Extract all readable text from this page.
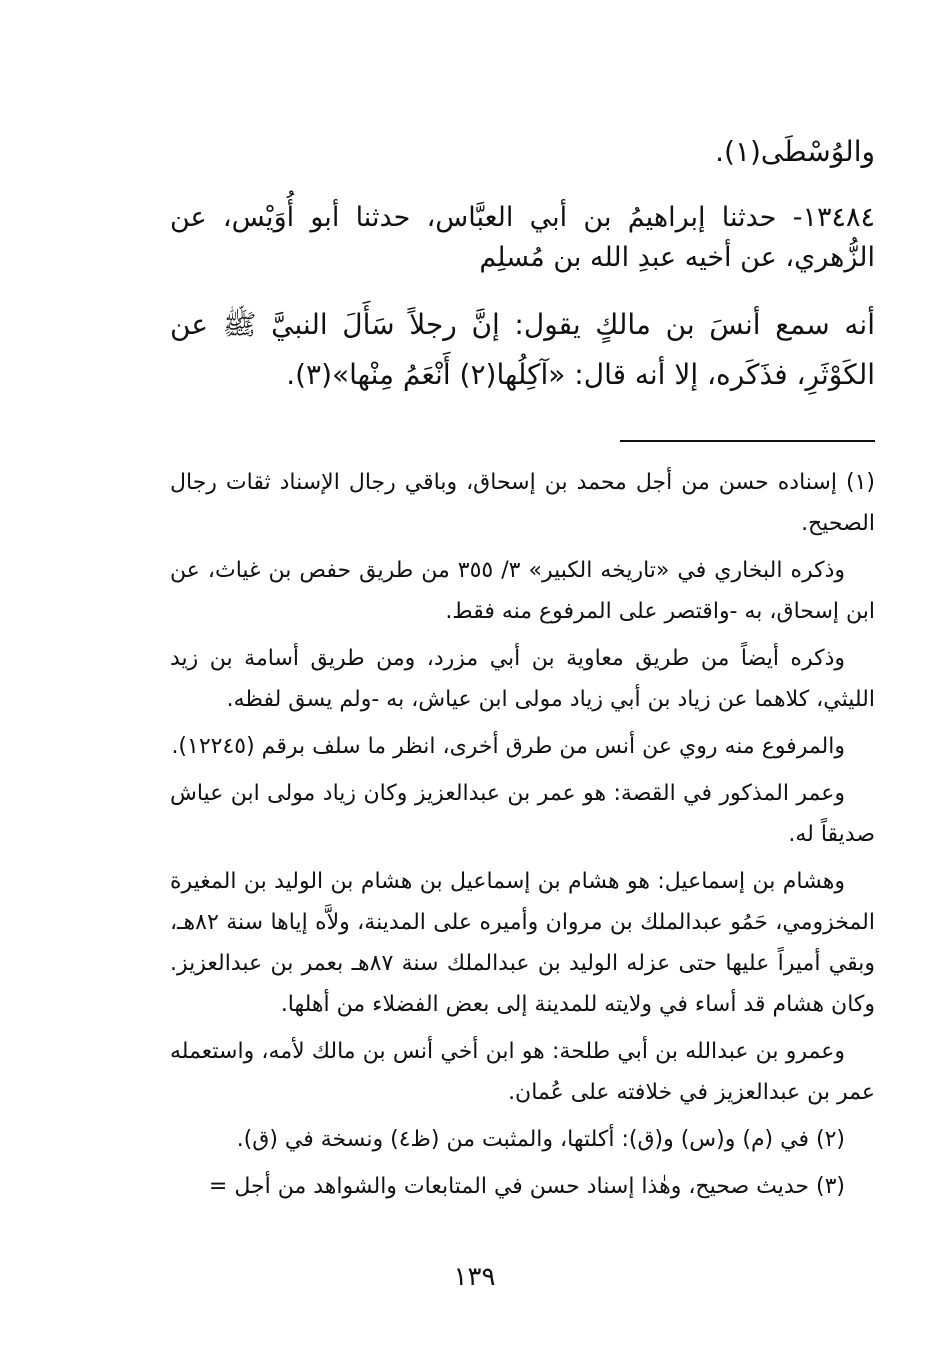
والوُسْطَى(١).

١٣٤٨٤- حدثنا إبراهيمُ بن أبي العبَّاس، حدثنا أبو أُوَيْس، عن الزُّهري، عن أخيه عبدِ الله بن مُسلِم

أنه سمع أنسَ بن مالكٍ يقول: إنَّ رجلاً سَأَلَ النبيَّ ﷺ عن الكَوْثَرِ، فذَكَره، إلا أنه قال: «آكِلُها(٢) أَنْعَمُ مِنْها»(٣).

(١) إسناده حسن من أجل محمد بن إسحاق، وباقي رجال الإسناد ثقات رجال الصحيح.

وذكره البخاري في «تاريخه الكبير» ٣/ ٣٥٥ من طريق حفص بن غياث، عن ابن إسحاق، به -واقتصر على المرفوع منه فقط.

وذكره أيضاً من طريق معاوية بن أبي مزرد، ومن طريق أسامة بن زيد الليثي، كلاهما عن زياد بن أبي زياد مولى ابن عياش، به -ولم يسق لفظه.

والمرفوع منه روي عن أنس من طرق أخرى، انظر ما سلف برقم (١٢٢٤٥).

وعمر المذكور في القصة: هو عمر بن عبدالعزيز وكان زياد مولى ابن عياش صديقاً له.

وهشام بن إسماعيل: هو هشام بن إسماعيل بن هشام بن الوليد بن المغيرة المخزومي، حَمُو عبدالملك بن مروان وأميره على المدينة، ولاَّه إياها سنة ٨٢هـ، وبقي أميراً عليها حتى عزله الوليد بن عبدالملك سنة ٨٧هـ بعمر بن عبدالعزيز. وكان هشام قد أساء في ولايته للمدينة إلى بعض الفضلاء من أهلها.

وعمرو بن عبدالله بن أبي طلحة: هو ابن أخي أنس بن مالك لأمه، واستعمله عمر بن عبدالعزيز في خلافته على عُمان.

(٢) في (م) و(س) و(ق): أكلتها، والمثبت من (ظ٤) ونسخة في (ق).

(٣) حديث صحيح، وهٰذا إسناد حسن في المتابعات والشواهد من أجل =

١٣٩
